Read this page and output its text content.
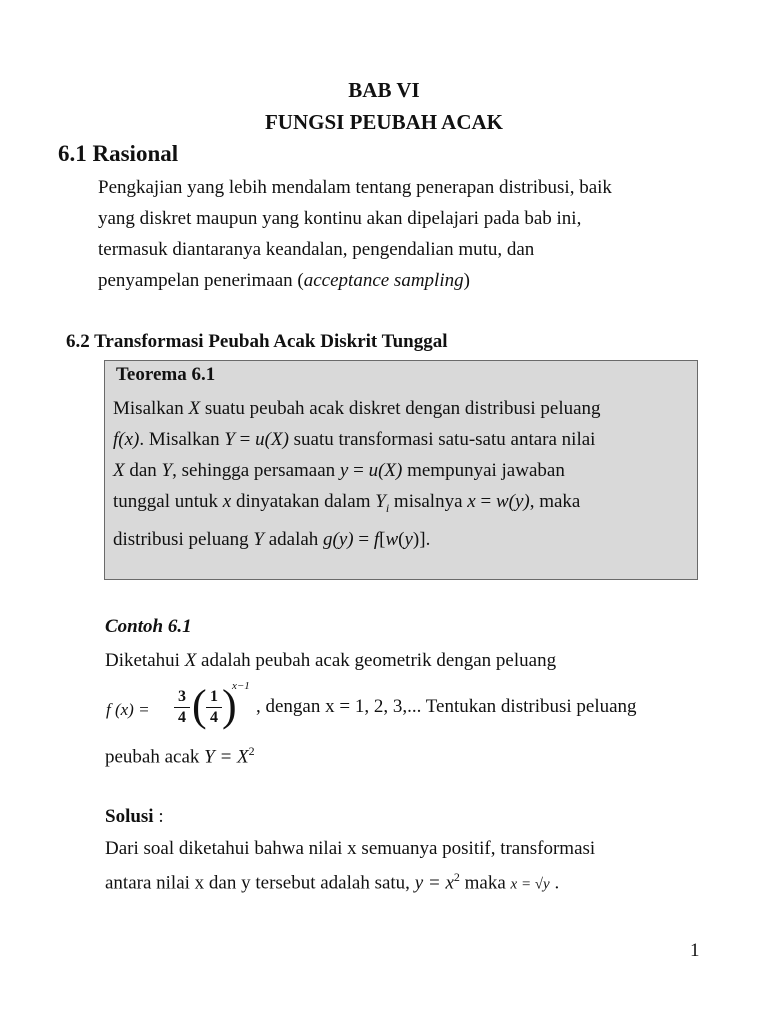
BAB VI
FUNGSI PEUBAH ACAK
6.1 Rasional
Pengkajian yang lebih mendalam tentang penerapan distribusi, baik
yang diskret maupun yang kontinu akan dipelajari pada bab ini,
termasuk diantaranya keandalan, pengendalian mutu, dan
penyampelan penerimaan (acceptance sampling)
6.2 Transformasi Peubah Acak Diskrit Tunggal
Teorema 6.1
Misalkan X suatu peubah acak diskret dengan distribusi peluang
f(x). Misalkan Y = u(X) suatu transformasi satu-satu antara nilai
X dan Y, sehingga persamaan y = u(X) mempunyai jawaban
tunggal untuk x dinyatakan dalam $Y_i$ misalnya x = w(y), maka
distribusi peluang Y adalah g(y) = f[w(y)].
Contoh 6.1
Diketahui X adalah peubah acak geometrik dengan peluang
f (x) =
3
4 ( 1
4 )
x−1
, dengan x = 1, 2, 3,... Tentukan distribusi peluang
peubah acak $Y = X^2$
Solusi :
Dari soal diketahui bahwa nilai x semuanya positif, transformasi
antara nilai x dan y tersebut adalah satu, $y = x^2$ maka x = √y .
1
